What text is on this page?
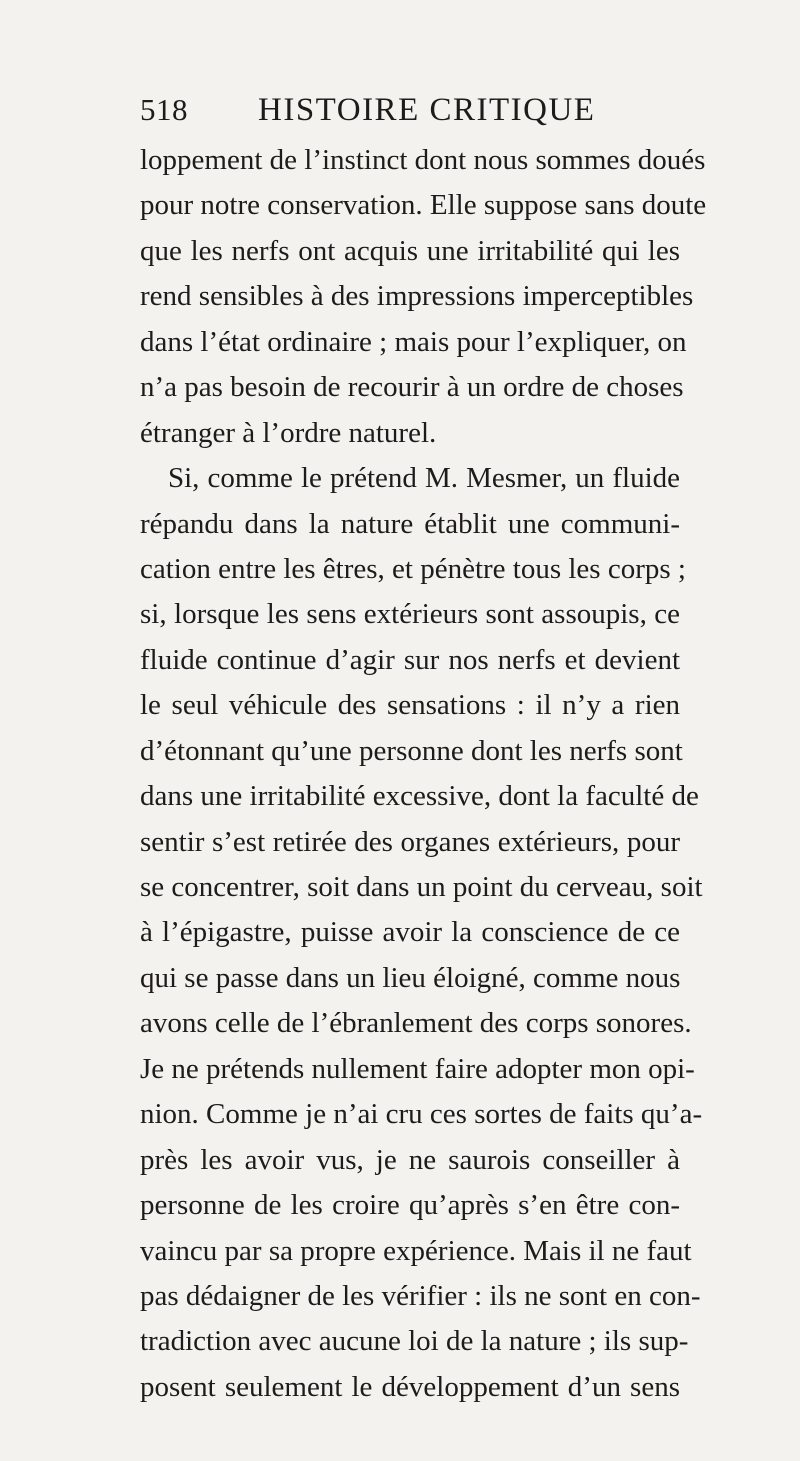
518 HISTOIRE CRITIQUE
loppement de l’instinct dont nous sommes doués
pour notre conservation. Elle suppose sans doute
que les nerfs ont acquis une irritabilité qui les
rend sensibles à des impressions imperceptibles
dans l’état ordinaire ; mais pour l’expliquer, on
n’a pas besoin de recourir à un ordre de choses
étranger à l’ordre naturel.
Si, comme le prétend M. Mesmer, un fluide
répandu dans la nature établit une communi-
cation entre les êtres, et pénètre tous les corps ;
si, lorsque les sens extérieurs sont assoupis, ce
fluide continue d’agir sur nos nerfs et devient
le seul véhicule des sensations : il n’y a rien
d’étonnant qu’une personne dont les nerfs sont
dans une irritabilité excessive, dont la faculté de
sentir s’est retirée des organes extérieurs, pour
se concentrer, soit dans un point du cerveau, soit
à l’épigastre, puisse avoir la conscience de ce
qui se passe dans un lieu éloigné, comme nous
avons celle de l’ébranlement des corps sonores.
Je ne prétends nullement faire adopter mon opi-
nion. Comme je n’ai cru ces sortes de faits qu’a-
près les avoir vus, je ne saurois conseiller à
personne de les croire qu’après s’en être con-
vaincu par sa propre expérience. Mais il ne faut
pas dédaigner de les vérifier : ils ne sont en con-
tradiction avec aucune loi de la nature ; ils sup-
posent seulement le développement d’un sens
